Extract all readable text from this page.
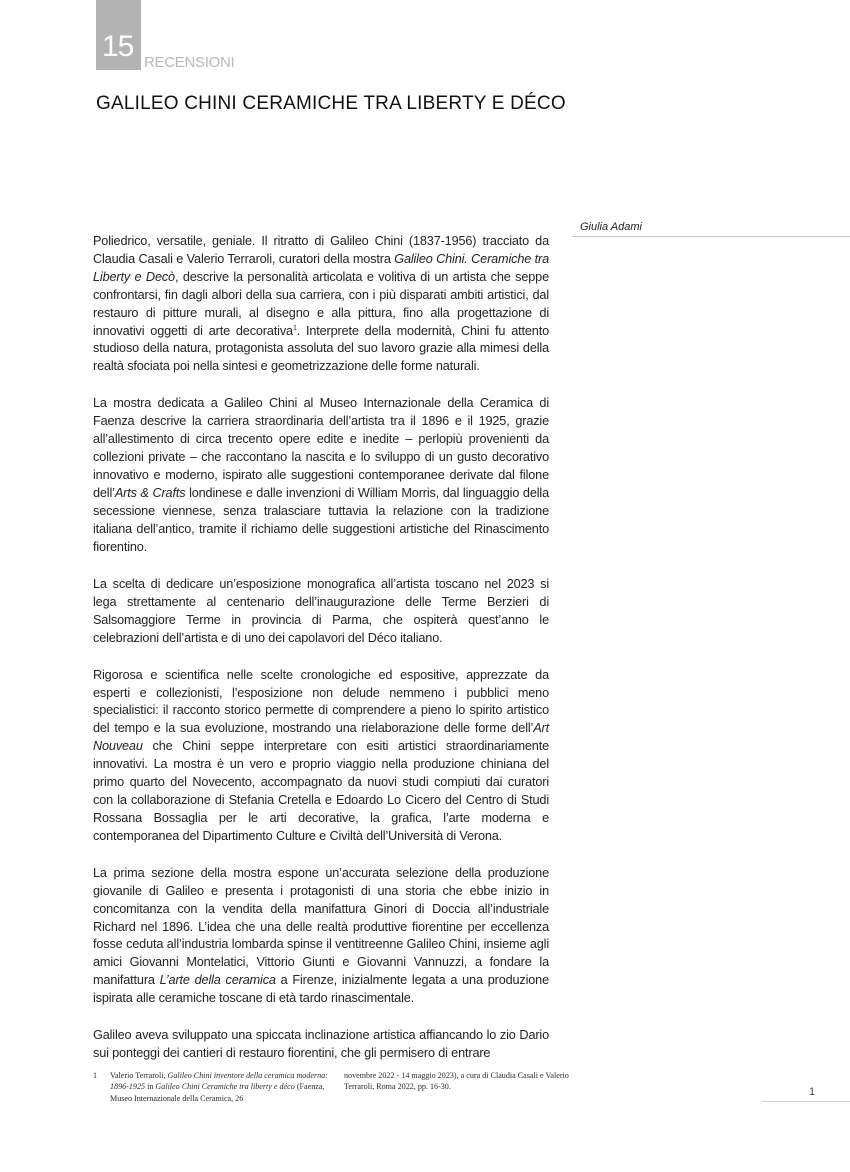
15 RECENSIONI
GALILEO CHINI CERAMICHE TRA LIBERTY E DÉCO
Giulia Adami

Poliedrico, versatile, geniale. Il ritratto di Galileo Chini (1837-1956) tracciato da Claudia Casali e Valerio Terraroli, curatori della mostra Galileo Chini. Ceramiche tra Liberty e Decò, descrive la personalità articolata e volitiva di un artista che seppe confrontarsi, fin dagli albori della sua carriera, con i più disparati ambiti artistici, dal restauro di pitture murali, al disegno e alla pittura, fino alla progettazione di innovativi oggetti di arte decorativa$^1$. Interprete della modernità, Chini fu attento studioso della natura, protagonista assoluta del suo lavoro grazie alla mimesi della realtà sfociata poi nella sintesi e geometrizzazione delle forme naturali.

La mostra dedicata a Galileo Chini al Museo Internazionale della Ceramica di Faenza descrive la carriera straordinaria dell’artista tra il 1896 e il 1925, grazie all’allestimento di circa trecento opere edite e inedite – perlopiù provenienti da collezioni private – che raccontano la nascita e lo sviluppo di un gusto decorativo innovativo e moderno, ispirato alle suggestioni contemporanee derivate dal filone dell’Arts & Crafts londinese e dalle invenzioni di William Morris, dal linguaggio della secessione viennese, senza tralasciare tuttavia la relazione con la tradizione italiana dell’antico, tramite il richiamo delle suggestioni artistiche del Rinascimento fiorentino.

La scelta di dedicare un’esposizione monografica all’artista toscano nel 2023 si lega strettamente al centenario dell’inaugurazione delle Terme Berzieri di Salsomaggiore Terme in provincia di Parma, che ospiterà quest’anno le celebrazioni dell’artista e di uno dei capolavori del Déco italiano.

Rigorosa e scientifica nelle scelte cronologiche ed espositive, apprezzate da esperti e collezionisti, l’esposizione non delude nemmeno i pubblici meno specialistici: il racconto storico permette di comprendere a pieno lo spirito artistico del tempo e la sua evoluzione, mostrando una rielaborazione delle forme dell’Art Nouveau che Chini seppe interpretare con esiti artistici straordinariamente innovativi. La mostra è un vero e proprio viaggio nella produzione chiniana del primo quarto del Novecento, accompagnato da nuovi studi compiuti dai curatori con la collaborazione di Stefania Cretella e Edoardo Lo Cicero del Centro di Studi Rossana Bossaglia per le arti decorative, la grafica, l’arte moderna e contemporanea del Dipartimento Culture e Civiltà dell’Università di Verona.

La prima sezione della mostra espone un’accurata selezione della produzione giovanile di Galileo e presenta i protagonisti di una storia che ebbe inizio in concomitanza con la vendita della manifattura Ginori di Doccia all’industriale Richard nel 1896. L’idea che una delle realtà produttive fiorentine per eccellenza fosse ceduta all’industria lombarda spinse il ventitreenne Galileo Chini, insieme agli amici Giovanni Montelatici, Vittorio Giunti e Giovanni Vannuzzi, a fondare la manifattura L’arte della ceramica a Firenze, inizialmente legata a una produzione ispirata alle ceramiche toscane di età tardo rinascimentale.

Galileo aveva sviluppato una spiccata inclinazione artistica affiancando lo zio Dario sui ponteggi dei cantieri di restauro fiorentini, che gli permisero di entrare

1 Valerio Terraroli, Galileo Chini inventore della ceramica moderna: 1896-1925 in Galileo Chini Ceramiche tra liberty e déco (Faenza, Museo Internazionale della Ceramica, 26
novembre 2022 - 14 maggio 2023), a cura di Claudia Casali e Valerio Terraroli, Roma 2022, pp. 16-30.	1
